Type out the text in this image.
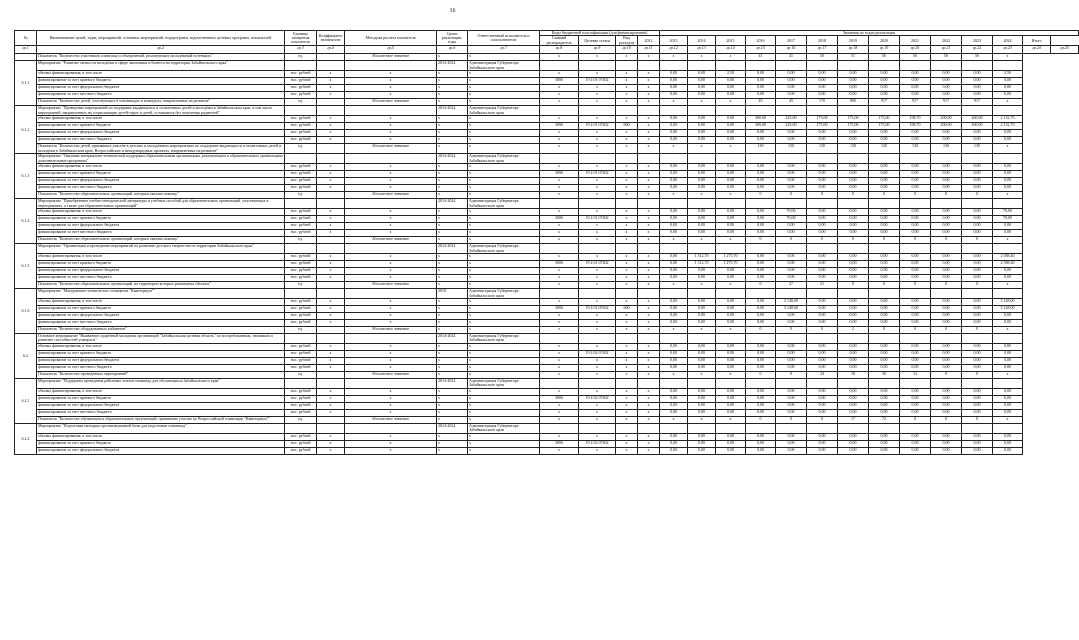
16
№	Наименование целей, задач, мероприятий, основных мероприятий, подпрограмм, ведомственных целевых программ, показателей	Единица измерения показателя	Коэффициент значимости	Методика расчета показателя	Сроки реализации, годы	Ответственный исполнитель и соисполнители	Коды бюджетной классификации (для финансирования)				Значения по годам реализации													
							Главный распорядитель	Целевая статья	Вид расходов	2012	2013	2014	2015	2016	2017	2018	2019	2020	2021	2022	2023	2024	Итого	
гр.1	гр.2	гр.3	гр.4	гр.5	гр.6	гр.7	гр.8	гр.9	гр.10	гр.11	гр.12	гр.13	гр.14	гр.15	гр.16	гр.17	гр.18	гр.19	гр.20	гр.21	гр.22	гр.23	гр.24	гр.25
	Показатель "Количество участников олимпиад и объединений, реализующих молодёжный потенциал"	ед.		Абсолютное значение	x	x	x	x	x	x	x	x	x	41	41	50	51	56	56	56	56	x		
6.1.1	Мероприятие "Развитие личности молодёжи в сфере экономики и бизнеса на территории Забайкальского края"				2014-2024	Администрация Губернатора Забайкальского края																		
	объемы финансирования, в том числе	тыс. рублей	x	x	x	x	x	x	x	x	0,00	0,00	2,50	0,00	0,00	0,00	0,00	0,00	0,00	0,00	0,00	2,50		
	финансирование за счет краевого бюджета	тыс. рублей	x	x	x	x	3006	19 4 01 07402	x	x	0,00	0,00	0,00	0,00	0,00	0,00	0,00	0,00	0,00	0,00	0,00	0,00		
	финансирование за счет федерального бюджета	тыс. рублей	x	x	x	x	x	x	x	x	0,00	0,00	0,00	0,00	0,00	0,00	0,00	0,00	0,00	0,00	0,00	0,00		
	финансирование за счет местного бюджета	тыс. рублей	x	x	x	x	x	x	x	x	0,00	0,00	0,00	0,00	0,00	0,00	0,00	0,00	0,00	0,00	0,00	0,00		
	Показатель "Количество детей, участвующих в олимпиадах и конкурсах, направленных на развитие"	ед.		Абсолютное значение	x	x	x	x	x	x	x	x	x	45	45	170	800	917	917	917	917	x		
6.1.2	Мероприятие "Проведение мероприятий по поддержке выдающихся и талантливых детей и молодёжи в Забайкальском крае, в том числе мероприятий, направленных на социализацию детей-сирот и детей, оставшихся без попечения родителей"				2014-2024	Администрация Губернатора Забайкальского края																		
	объемы финансирования, в том числе	тыс. рублей	x	x	x	x	x	x	x	x	0,00	0,00	0,00	300,00	225,00	175,00	175,00	175,00	198,70	200,00	200,00	2 132,70		
	финансирование за счет краевого бюджета	тыс. рублей	x	x	x	x	3006	19 4 01 07402	600	x	0,00	0,00	0,00	300,00	225,00	175,00	175,00	175,00	198,70	200,00	200,00	2 132,70		
	финансирование за счет федерального бюджета	тыс. рублей	x	x	x	x	x	x	x	x	0,00	0,00	0,00	0,00	0,00	0,00	0,00	0,00	0,00	0,00	0,00	0,00		
	финансирование за счет местного бюджета	тыс. рублей	x	x	x	x	x	x	x	x	0,00	0,00	0,00	0,00	0,00	0,00	0,00	0,00	0,00	0,00	0,00	0,00		
	Показатель "Количество детей, принявших участие в детских и молодёжных мероприятиях по поддержке выдающихся и талантливых детей и молодёжи в Забайкальском крае, Всероссийских и международных проектах, направленных на развитие"	ед.		Абсолютное значение	x	x	x	x	x	x	x	x	x	130	130	130	130	130	130	130	130	x		
6.1.3	Мероприятие "Оказание материально-технической поддержки образовательным организациям, реализующим в образовательных организациях дополнительные программы"				2014-2024	Администрация Губернатора Забайкальского края																		
	объемы финансирования, в том числе	тыс. рублей	x	x	x	x	x	x	x	x	0,00	0,00	0,00	0,00	0,00	0,00	0,00	0,00	0,00	0,00	0,00	0,00		
	финансирование за счет краевого бюджета	тыс. рублей	x	x	x	x	3006	19 4 01 07402	x	x	0,00	0,00	0,00	0,00	0,00	0,00	0,00	0,00	0,00	0,00	0,00	0,00		
	финансирование за счет федерального бюджета	тыс. рублей	x	x	x	x	x	x	x	x	0,00	0,00	0,00	0,00	0,00	0,00	0,00	0,00	0,00	0,00	0,00	0,00		
	финансирование за счет местного бюджета	тыс. рублей	x	x	x	x	x	x	x	x	0,00	0,00	0,00	0,00	0,00	0,00	0,00	0,00	0,00	0,00	0,00	0,00		
	Показатель "Количество образовательных организаций, которым оказана помощь"	ед.		Абсолютное значение	x	x	x	x	x	x	x	x	x	0	0	0	0	0	0	0	0	x		
6.1.4	Мероприятие "Приобретение учебно-методической литературы и учебных пособий для образовательных организаций, участвующих в мероприятиях, а также для образовательных организаций"				2014-2024	Администрация Губернатора Забайкальского края																		
	объемы финансирования, в том числе	тыс. рублей	x	x	x	x	x	x	x	x	0,00	0,00	0,00	0,00	70,00	0,00	0,00	0,00	0,00	0,00	0,00	70,00		
	финансирование за счет краевого бюджета	тыс. рублей	x	x	x	x	3006	19 4 01 07402	x	x	0,00	0,00	0,00	0,00	70,00	0,00	0,00	0,00	0,00	0,00	0,00	70,00		
	финансирование за счет федерального бюджета	тыс. рублей	x	x	x	x	x	x	x	x	0,00	0,00	0,00	0,00	0,00	0,00	0,00	0,00	0,00	0,00	0,00	0,00		
	финансирование за счет местного бюджета	тыс. рублей	x	x	x	x	x	x	x	x	0,00	0,00	0,00	0,00	0,00	0,00	0,00	0,00	0,00	0,00	0,00	0,00		
	Показатель "Количество образовательных организаций, которым оказана помощь"	ед.		Абсолютное значение	x	x	x	x	x	x	x	x	x	0	0	0	0	0	0	0	0	x		
6.1.5	Мероприятие "Организация и проведение мероприятий по развитию детского творчества на территории Забайкальского края"				2014-2024	Администрация Губернатора Забайкальского края																		
	объемы финансирования, в том числе	тыс. рублей	x	x	x	x	x	x	x	x	0,00	1 312,70	1 275,70	0,00	0,00	0,00	0,00	0,00	0,00	0,00	0,00	2 588,40		
	финансирование за счет краевого бюджета	тыс. рублей	x	x	x	x	3006	19 4 01 07402	x	x	0,00	1 312,70	1 275,70	0,00	0,00	0,00	0,00	0,00	0,00	0,00	0,00	2 588,40		
	финансирование за счет федерального бюджета	тыс. рублей	x	x	x	x	x	x	x	x	0,00	0,00	0,00	0,00	0,00	0,00	0,00	0,00	0,00	0,00	0,00	0,00		
	финансирование за счет местного бюджета	тыс. рублей	x	x	x	x	x	x	x	x	0,00	0,00	0,00	0,00	0,00	0,00	0,00	0,00	0,00	0,00	0,00	0,00		
	Показатель "Количество образовательных организаций, на территории которых размещены объекты"	ед.		Абсолютное значение	x	x	x	x	x	x	x	x	x	0	27	21	0	0	0	0	0	x		
6.1.6	Мероприятие "Материально-техническое оснащение "Кванториум""				2019	Администрация Губернатора Забайкальского края																		
	объемы финансирования, в том числе	тыс. рублей	x	x	x	x	x	x	x	x	0,00	0,00	0,00	0,00	3 148,00	0,00	0,00	0,00	0,00	0,00	0,00	3 148,00		
	финансирование за счет краевого бюджета	тыс. рублей	x	x	x	x	3006	19 4 01 05502	600	x	0,00	0,00	0,00	0,00	3 148,00	0,00	0,00	0,00	0,00	0,00	0,00	3 148,00		
	финансирование за счет федерального бюджета	тыс. рублей	x	x	x	x	x	x	x	x	0,00	0,00	0,00	0,00	0,00	0,00	0,00	0,00	0,00	0,00	0,00	0,00		
	финансирование за счет местного бюджета	тыс. рублей	x	x	x	x	x	x	x	x	0,00	0,00	0,00	0,00	0,00	0,00	0,00	0,00	0,00	0,00	0,00	0,00		
	Показатель "Количество оборудованных кабинетов"	ед.		Абсолютное значение	x	x	x	x	x	x	x	x	x	0	0	0	2	0	0	0	0	x		
6.2	Основное мероприятие "Выявление одаренной молодежи организаций "Забайкальская целевая область" по востребованным, значимым и развитие способностей учащихся"				2014-2024	Администрация Губернатора Забайкальского края																		
	объемы финансирования, в том числе	тыс. рублей	x	x	x	x	x	x	x	x	0,00	0,00	0,00	0,00	0,00	0,00	0,00	0,00	0,00	0,00	0,00	0,00		
	финансирование за счет краевого бюджета	тыс. рублей	x	x	x	x	x	19 4 02 07402	x	x	0,00	0,00	0,00	0,00	0,00	0,00	0,00	0,00	0,00	0,00	0,00	0,00		
	финансирование за счет федерального бюджета	тыс. рублей	x	x	x	x	x	x	x	x	0,00	0,00	0,00	0,00	0,00	0,00	0,00	0,00	0,00	0,00	0,00	0,00		
	финансирование за счет местного бюджета	тыс. рублей	x	x	x	x	x	x	x	x	0,00	0,00	0,00	0,00	0,00	0,00	0,00	0,00	0,00	0,00	0,00	0,00		
	Показатель "Количество проведенных мероприятий"	ед.		Абсолютное значение	x	x	x	x	x	x	x	x	x	0	0	24	18	30	13	0	0	x		
6.2.1	Мероприятие "Поддержка проведения районных этапов олимпиад для обучающихся Забайкальского края"				2014-2024	Администрация Губернатора Забайкальского края																		
	объемы финансирования, в том числе	тыс. рублей	x	x	x	x	x	x	x	x	0,00	0,00	0,00	0,00	0,00	0,00	0,00	0,00	0,00	0,00	0,00	0,00		
	финансирование за счет краевого бюджета	тыс. рублей	x	x	x	x	3006	19 4 02 07402	x	x	0,00	0,00	0,00	0,00	0,00	0,00	0,00	0,00	0,00	0,00	0,00	0,00		
	финансирование за счет федерального бюджета	тыс. рублей	x	x	x	x	x	x	x	x	0,00	0,00	0,00	0,00	0,00	0,00	0,00	0,00	0,00	0,00	0,00	0,00		
	финансирование за счет местного бюджета	тыс. рублей	x	x	x	x	x	x	x	x	0,00	0,00	0,00	0,00	0,00	0,00	0,00	0,00	0,00	0,00	0,00	0,00		
	Показатель "Количество обучающихся образовательных организаций, принявших участие во Всероссийской олимпиаде "Кванториум""	ед.		Абсолютное значение	x	x	x	x	x	x	x	x	x	0	0	0	17	72	0	0	0	x		
6.2.2	Мероприятие "Подготовка методико-организационной базы для подготовки олимпиад"				2014-2024	Администрация Губернатора Забайкальского края																		
	объемы финансирования, в том числе	тыс. рублей	x	x	x	x	x	x	x	x	0,00	0,00	0,00	0,00	0,00	0,00	0,00	0,00	0,00	0,00	0,00	0,00		
	финансирование за счет краевого бюджета	тыс. рублей	x	x	x	x	3006	19 4 02 07402	x	x	0,00	0,00	0,00	0,00	0,00	0,00	0,00	0,00	0,00	0,00	0,00	0,00		
	финансирование за счет федерального бюджета	тыс. рублей	x	x	x	x	x	x	x	x	0,00	0,00	0,00	0,00	0,00	0,00	0,00	0,00	0,00	0,00	0,00	0,00		
